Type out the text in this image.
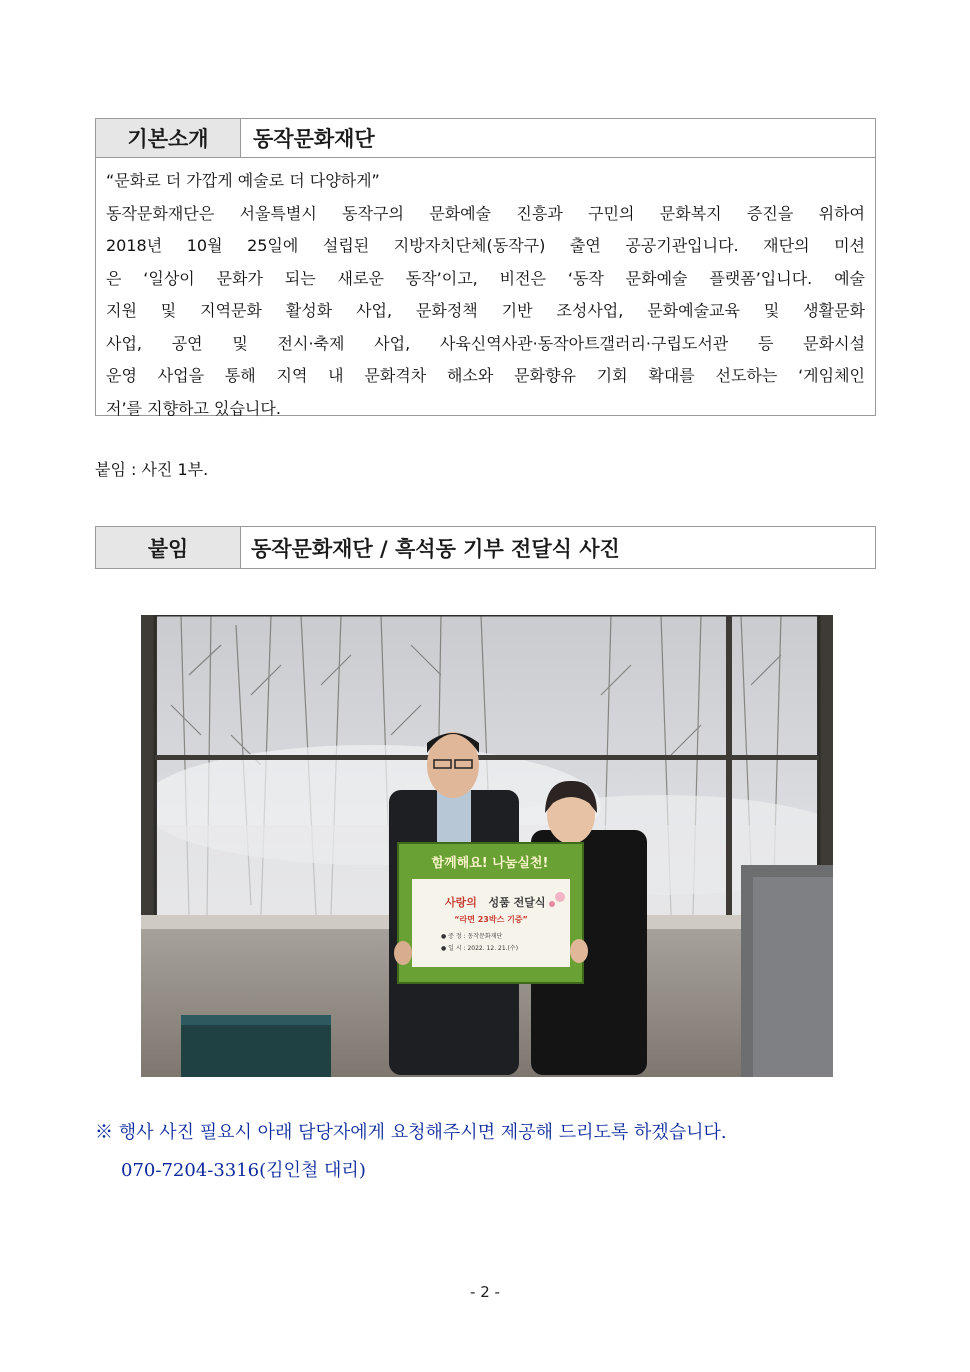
기본소개	동작문화재단
“문화로 더 가깝게 예술로 더 다양하게”
동작문화재단은 서울특별시 동작구의 문화예술 진흥과 구민의 문화복지 증진을 위하여
2018년 10월 25일에 설립된 지방자치단체(동작구) 출연 공공기관입니다. 재단의 미션
은 ‘일상이 문화가 되는 새로운 동작’이고, 비전은 ‘동작 문화예술 플랫폼’입니다. 예술
지원 및 지역문화 활성화 사업, 문화정책 기반 조성사업, 문화예술교육 및 생활문화
사업, 공연 및 전시·축제 사업, 사육신역사관·동작아트갤러리·구립도서관 등 문화시설
운영 사업을 통해 지역 내 문화격차 해소와 문화향유 기회 확대를 선도하는 ‘게임체인
저’를 지향하고 있습니다.
붙임 : 사진 1부.
붙임	동작문화재단 / 흑석동 기부 전달식 사진
함께해요! 나눔실천!
사랑의 성품 전달식
“라면 23박스 기증”
● 증 정 : 동작문화재단
● 일 시 : 2022. 12. 21.(수)
※ 행사 사진 필요시 아래 담당자에게 요청해주시면 제공해 드리도록 하겠습니다.
070-7204-3316(김인철 대리)
- 2 -
